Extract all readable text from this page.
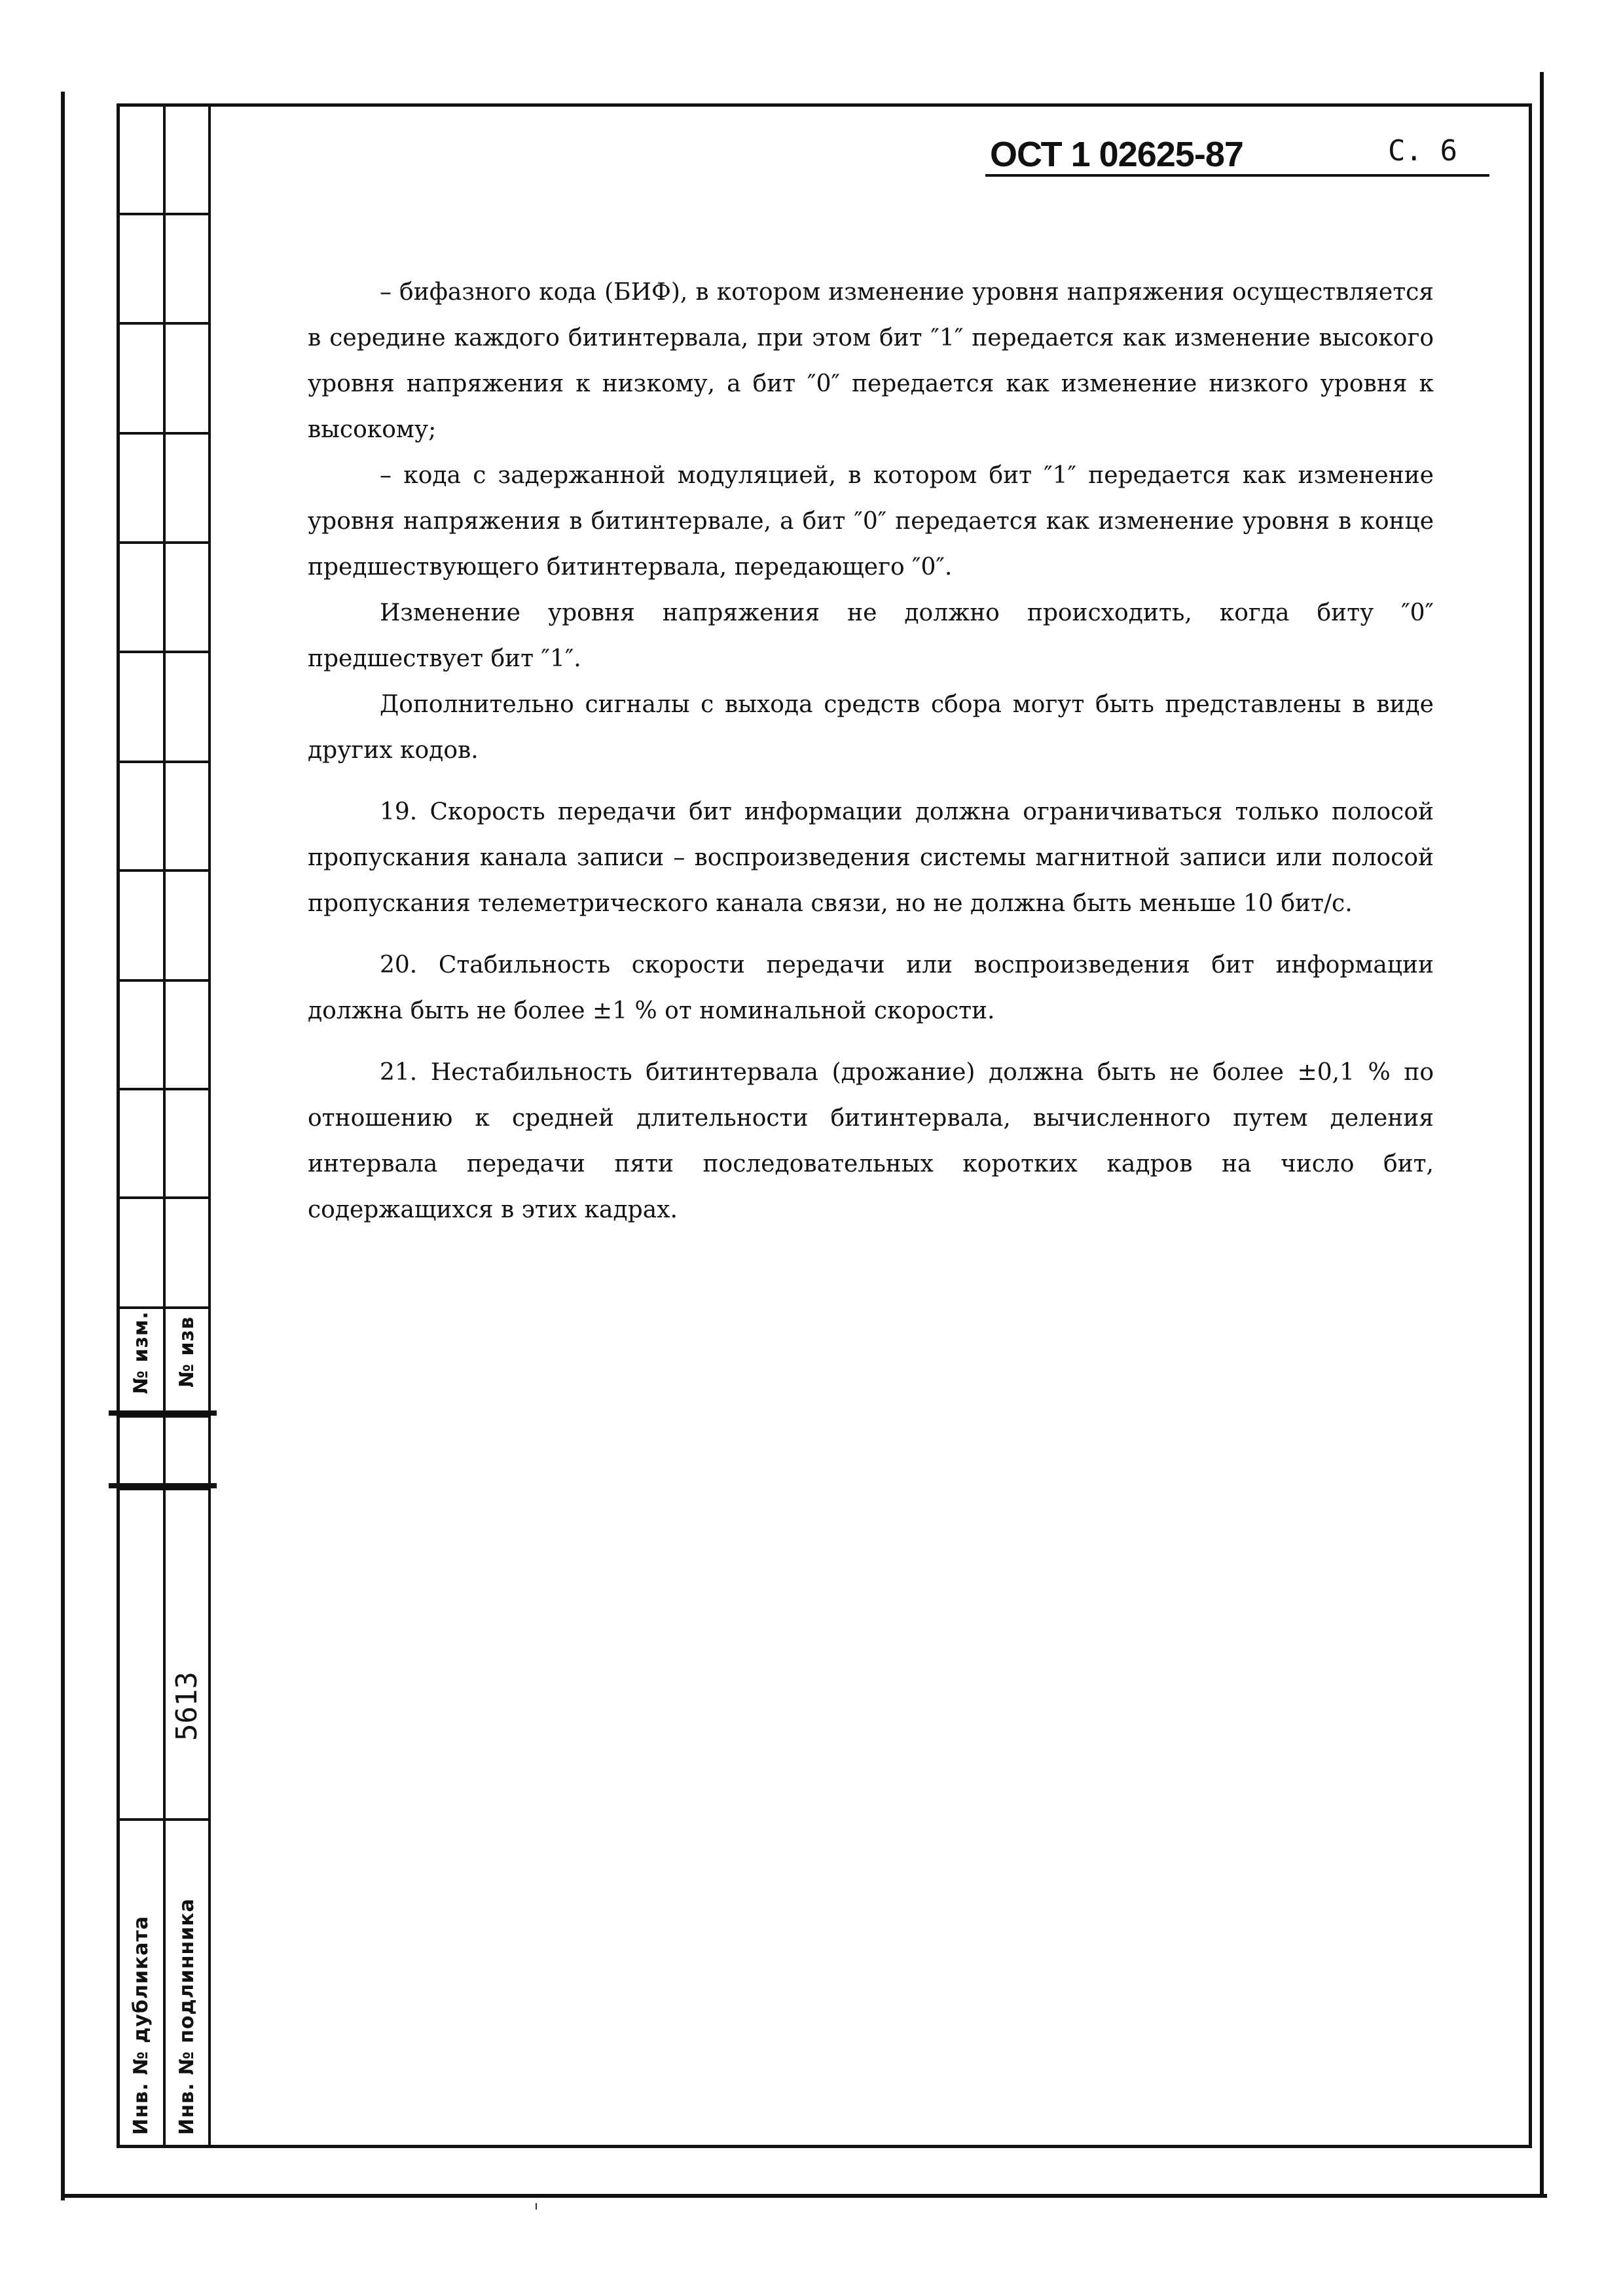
№ изм. № изв
5613
Инв. № дубликата Инв. № подлинника
ОСТ 1 02625-87	С. 6

– бифазного кода (БИФ), в котором изменение уровня напряжения осуществляется в середине каждого битинтервала, при этом бит ″1″ передается как изменение высокого уровня напряжения к низкому, а бит ″0″ передается как изменение низкого уровня к высокому;

– кода с задержанной модуляцией, в котором бит ″1″ передается как изменение уровня напряжения в битинтервале, а бит ″0″ передается как изменение уровня в конце предшествующего битинтервала, передающего ″0″.

Изменение уровня напряжения не должно происходить, когда биту ″0″ предшествует бит ″1″.

Дополнительно сигналы с выхода средств сбора могут быть представлены в виде других кодов.

19. Скорость передачи бит информации должна ограничиваться только полосой пропускания канала записи – воспроизведения системы магнитной записи или полосой пропускания телеметрического канала связи, но не должна быть меньше 10 бит/с.

20. Стабильность скорости передачи или воспроизведения бит информации должна быть не более ±1 % от номинальной скорости.

21. Нестабильность битинтервала (дрожание) должна быть не более ±0,1 % по отношению к средней длительности битинтервала, вычисленного путем деления интервала передачи пяти последовательных коротких кадров на число бит, содержащихся в этих кадрах.
